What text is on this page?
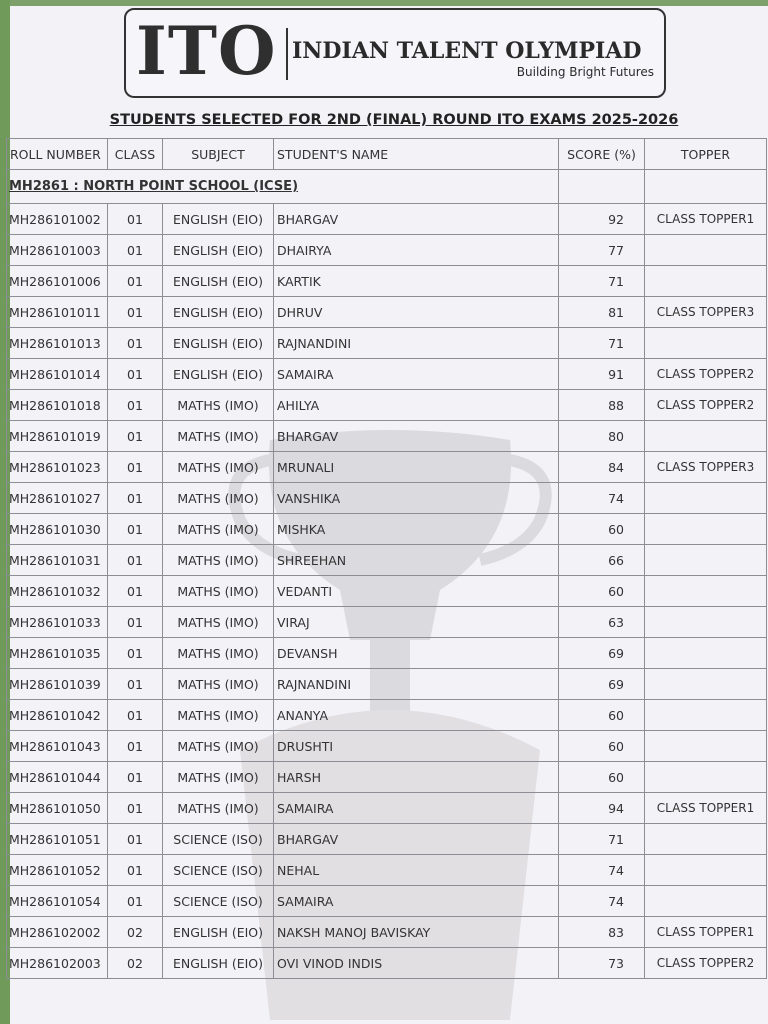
ITO INDIAN TALENT OLYMPIAD
Building Bright Futures
STUDENTS SELECTED FOR 2ND (FINAL) ROUND ITO EXAMS 2025-2026
ROLL NUMBER	CLASS	SUBJECT	STUDENT'S NAME	SCORE (%)	TOPPER
MH2861 : NORTH POINT SCHOOL (ICSE)					
MH286101002	01	ENGLISH (EIO)	BHARGAV	92	CLASS TOPPER1
MH286101003	01	ENGLISH (EIO)	DHAIRYA	77	
MH286101006	01	ENGLISH (EIO)	KARTIK	71	
MH286101011	01	ENGLISH (EIO)	DHRUV	81	CLASS TOPPER3
MH286101013	01	ENGLISH (EIO)	RAJNANDINI	71	
MH286101014	01	ENGLISH (EIO)	SAMAIRA	91	CLASS TOPPER2
MH286101018	01	MATHS (IMO)	AHILYA	88	CLASS TOPPER2
MH286101019	01	MATHS (IMO)	BHARGAV	80	
MH286101023	01	MATHS (IMO)	MRUNALI	84	CLASS TOPPER3
MH286101027	01	MATHS (IMO)	VANSHIKA	74	
MH286101030	01	MATHS (IMO)	MISHKA	60	
MH286101031	01	MATHS (IMO)	SHREEHAN	66	
MH286101032	01	MATHS (IMO)	VEDANTI	60	
MH286101033	01	MATHS (IMO)	VIRAJ	63	
MH286101035	01	MATHS (IMO)	DEVANSH	69	
MH286101039	01	MATHS (IMO)	RAJNANDINI	69	
MH286101042	01	MATHS (IMO)	ANANYA	60	
MH286101043	01	MATHS (IMO)	DRUSHTI	60	
MH286101044	01	MATHS (IMO)	HARSH	60	
MH286101050	01	MATHS (IMO)	SAMAIRA	94	CLASS TOPPER1
MH286101051	01	SCIENCE (ISO)	BHARGAV	71	
MH286101052	01	SCIENCE (ISO)	NEHAL	74	
MH286101054	01	SCIENCE (ISO)	SAMAIRA	74	
MH286102002	02	ENGLISH (EIO)	NAKSH MANOJ BAVISKAY	83	CLASS TOPPER1
MH286102003	02	ENGLISH (EIO)	OVI VINOD INDIS	73	CLASS TOPPER2
